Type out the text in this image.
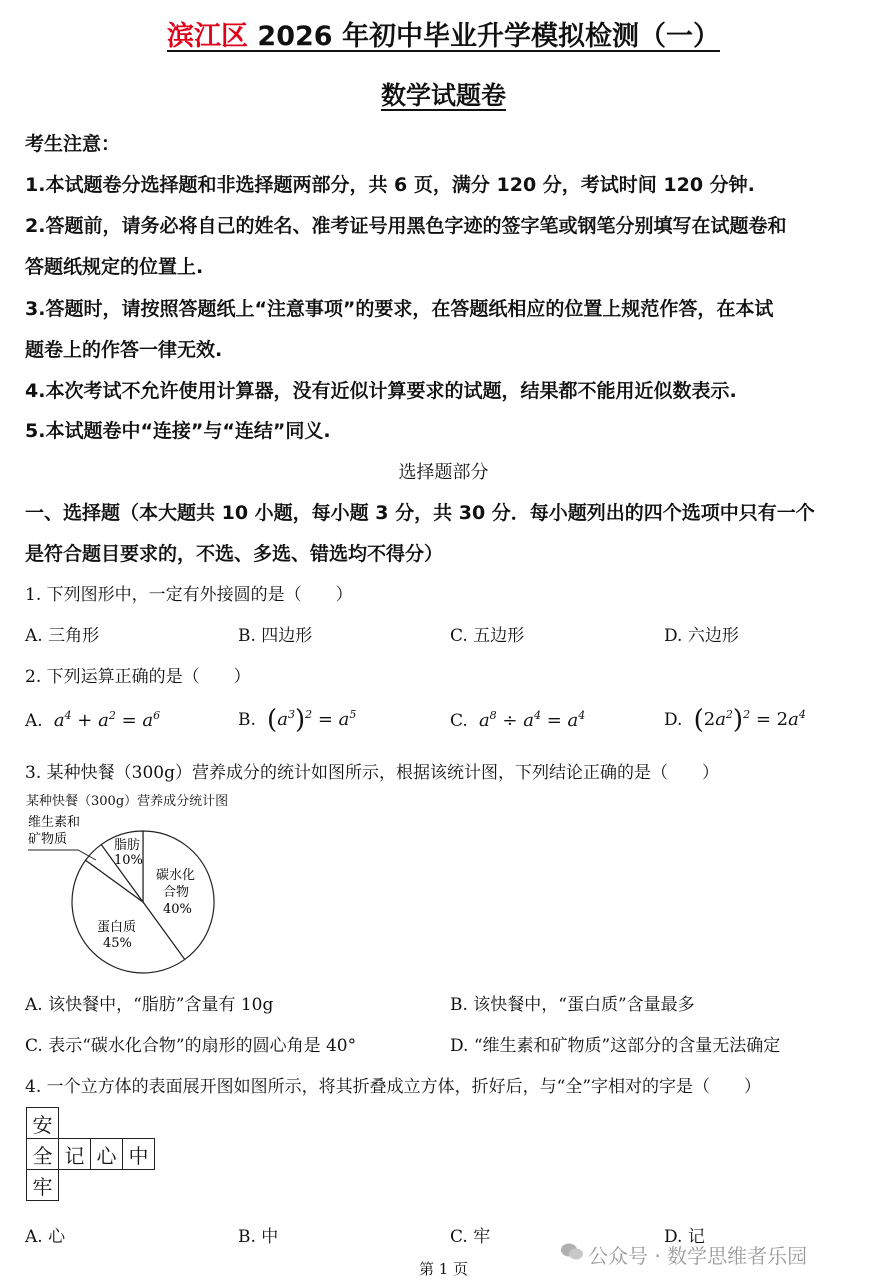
滨江区 2026 年初中毕业升学模拟检测（一）
数学试题卷
考生注意：
1.本试题卷分选择题和非选择题两部分，共 6 页，满分 120 分，考试时间 120 分钟.
2.答题前，请务必将自己的姓名、准考证号用黑色字迹的签字笔或钢笔分别填写在试题卷和
答题纸规定的位置上.
3.答题时，请按照答题纸上“注意事项”的要求，在答题纸相应的位置上规范作答，在本试
题卷上的作答一律无效.
4.本次考试不允许使用计算器，没有近似计算要求的试题，结果都不能用近似数表示.
5.本试题卷中“连接”与“连结”同义.
选择题部分
一、选择题（本大题共 10 小题，每小题 3 分，共 30 分．每小题列出的四个选项中只有一个
是符合题目要求的，不选、多选、错选均不得分）
1. 下列图形中，一定有外接圆的是（　　）
A. 三角形	B. 四边形	C. 五边形	D. 六边形
2. 下列运算正确的是（　　）
A.  $a^4 + a^2 = a^6$	B. $(a^3)^2 = a^5$	C.  $a^8 \div a^4 = a^4$	D. $(2a^2)^2 = 2a^4$
3. 某种快餐（300g）营养成分的统计如图所示，根据该统计图，下列结论正确的是（　　）
某种快餐（300g）营养成分统计图
碳水化
合物
40%
蛋白质
45%
脂肪
10%
维生素和
矿物质
A. 该快餐中，“脂肪”含量有 10g	B. 该快餐中，“蛋白质”含量最多
C. 表示“碳水化合物”的扇形的圆心角是 40°	D. “维生素和矿物质”这部分的含量无法确定
4. 一个立方体的表面展开图如图所示，将其折叠成立方体，折好后，与“全”字相对的字是（　　）
安			
全	记	心	中
牢			
A. 心	B. 中	C. 牢	D. 记
第 1 页
公众号 · 数学思维者乐园
